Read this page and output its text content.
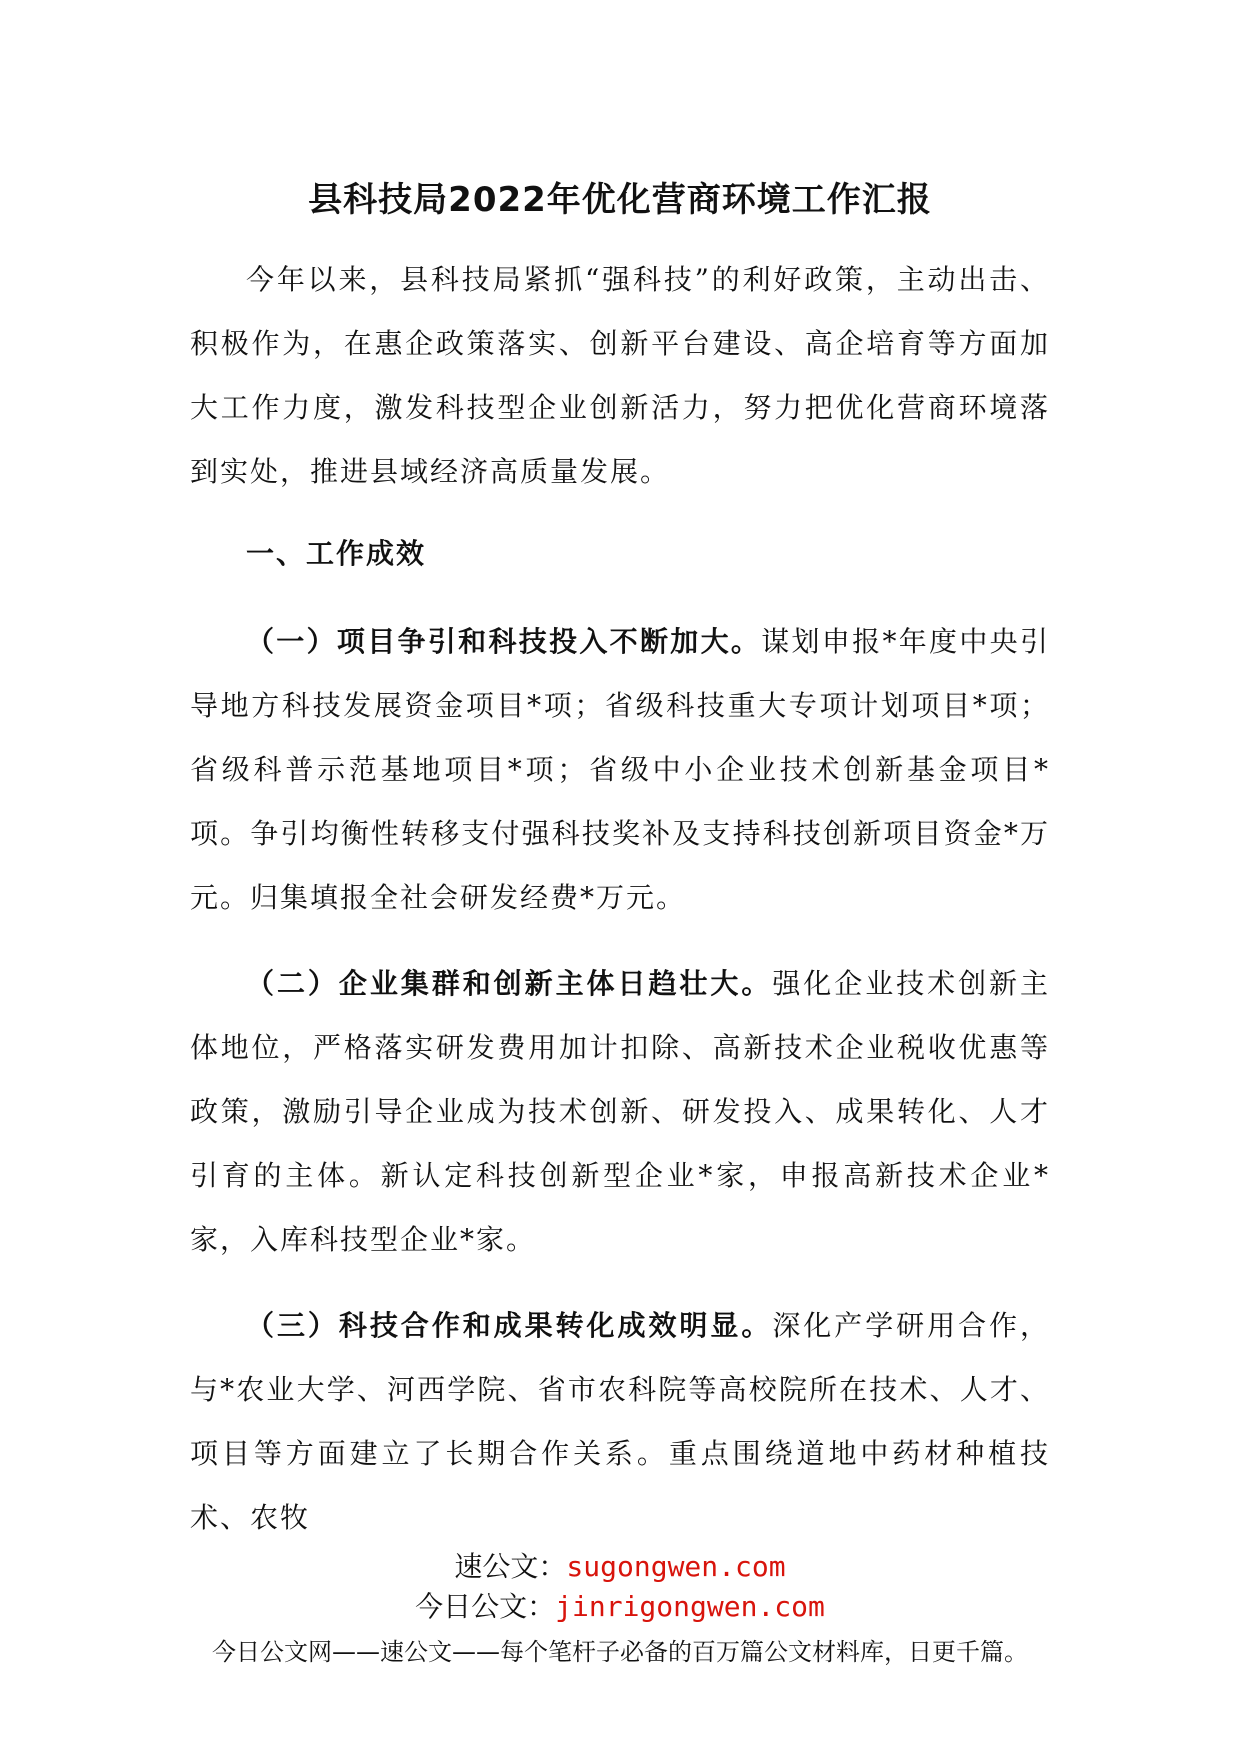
县科技局2022年优化营商环境工作汇报
今年以来，县科技局紧抓“强科技”的利好政策，主动出击、积极作为，在惠企政策落实、创新平台建设、高企培育等方面加大工作力度，激发科技型企业创新活力，努力把优化营商环境落到实处，推进县域经济高质量发展。
一、工作成效
（一）项目争引和科技投入不断加大。谋划申报*年度中央引导地方科技发展资金项目*项；省级科技重大专项计划项目*项；省级科普示范基地项目*项；省级中小企业技术创新基金项目*项。争引均衡性转移支付强科技奖补及支持科技创新项目资金*万元。归集填报全社会研发经费*万元。
（二）企业集群和创新主体日趋壮大。强化企业技术创新主体地位，严格落实研发费用加计扣除、高新技术企业税收优惠等政策，激励引导企业成为技术创新、研发投入、成果转化、人才引育的主体。新认定科技创新型企业*家，申报高新技术企业*家，入库科技型企业*家。
（三）科技合作和成果转化成效明显。深化产学研用合作，与*农业大学、河西学院、省市农科院等高校院所在技术、人才、项目等方面建立了长期合作关系。重点围绕道地中药材种植技术、农牧
速公文：sugongwen.com
今日公文：jinrigongwen.com
今日公文网——速公文——每个笔杆子必备的百万篇公文材料库，日更千篇。
